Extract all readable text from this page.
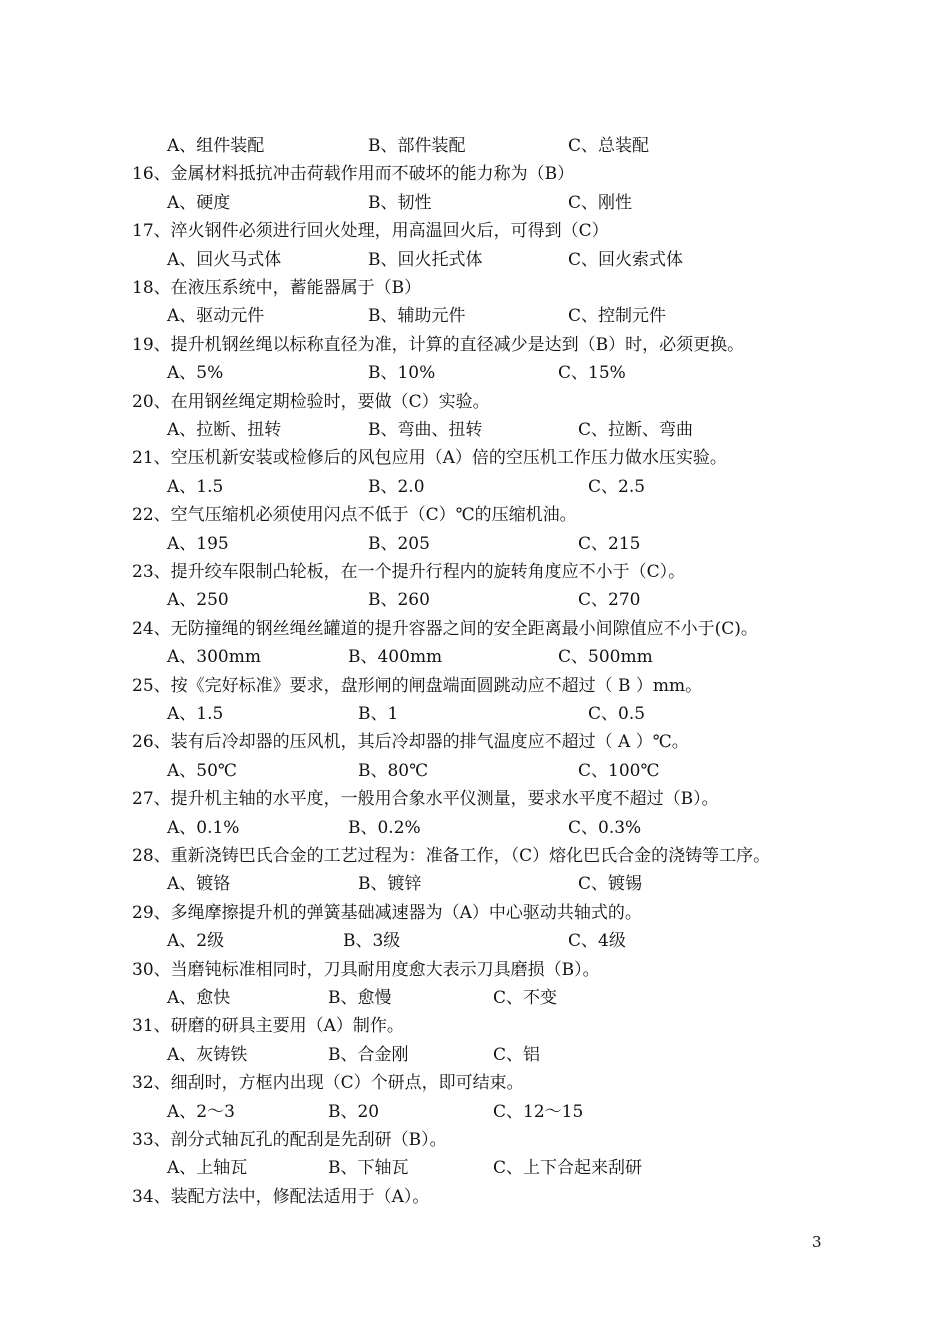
3
A、组件装配	B、部件装配	C、总装配
16、金属材料抵抗冲击荷载作用而不破坏的能力称为（B）
A、硬度	B、韧性	C、刚性
17、淬火钢件必须进行回火处理，用高温回火后，可得到（C）
A、回火马式体	B、回火托式体	C、回火索式体
18、在液压系统中，蓄能器属于（B）
A、驱动元件	B、辅助元件	C、控制元件
19、提升机钢丝绳以标称直径为准，计算的直径减少是达到（B）时，必须更换。
A、5%	B、10%	C、15%
20、在用钢丝绳定期检验时，要做（C）实验。
A、拉断、扭转	B、弯曲、扭转	C、拉断、弯曲
21、空压机新安装或检修后的风包应用（A）倍的空压机工作压力做水压实验。
A、1.5	B、2.0	C、2.5
22、空气压缩机必须使用闪点不低于（C）℃的压缩机油。
A、195	B、205	C、215
23、提升绞车限制凸轮板，在一个提升行程内的旋转角度应不小于（C）。
A、250	B、260	C、270
24、无防撞绳的钢丝绳丝罐道的提升容器之间的安全距离最小间隙值应不小于(C)。
A、300mm	B、400mm	C、500mm
25、按《完好标准》要求，盘形闸的闸盘端面圆跳动应不超过（ B ）mm。
A、1.5	B、1	C、0.5
26、装有后冷却器的压风机，其后冷却器的排气温度应不超过（ A ）℃。
A、50℃	B、80℃	C、100℃
27、提升机主轴的水平度，一般用合象水平仪测量，要求水平度不超过（B）。
A、0.1%	B、0.2%	C、0.3%
28、重新浇铸巴氏合金的工艺过程为：准备工作，（C）熔化巴氏合金的浇铸等工序。
A、镀铬	B、镀锌	C、镀锡
29、多绳摩擦提升机的弹簧基础减速器为（A）中心驱动共轴式的。
A、2级	B、3级	C、4级
30、当磨钝标准相同时，刀具耐用度愈大表示刀具磨损（B）。
A、愈快	B、愈慢	C、不变
31、研磨的研具主要用（A）制作。
A、灰铸铁	B、合金刚	C、铝
32、细刮时，方框内出现（C）个研点，即可结束。
A、2～3	B、20	C、12～15
33、剖分式轴瓦孔的配刮是先刮研（B）。
A、上轴瓦	B、下轴瓦	C、上下合起来刮研
34、装配方法中，修配法适用于（A）。
